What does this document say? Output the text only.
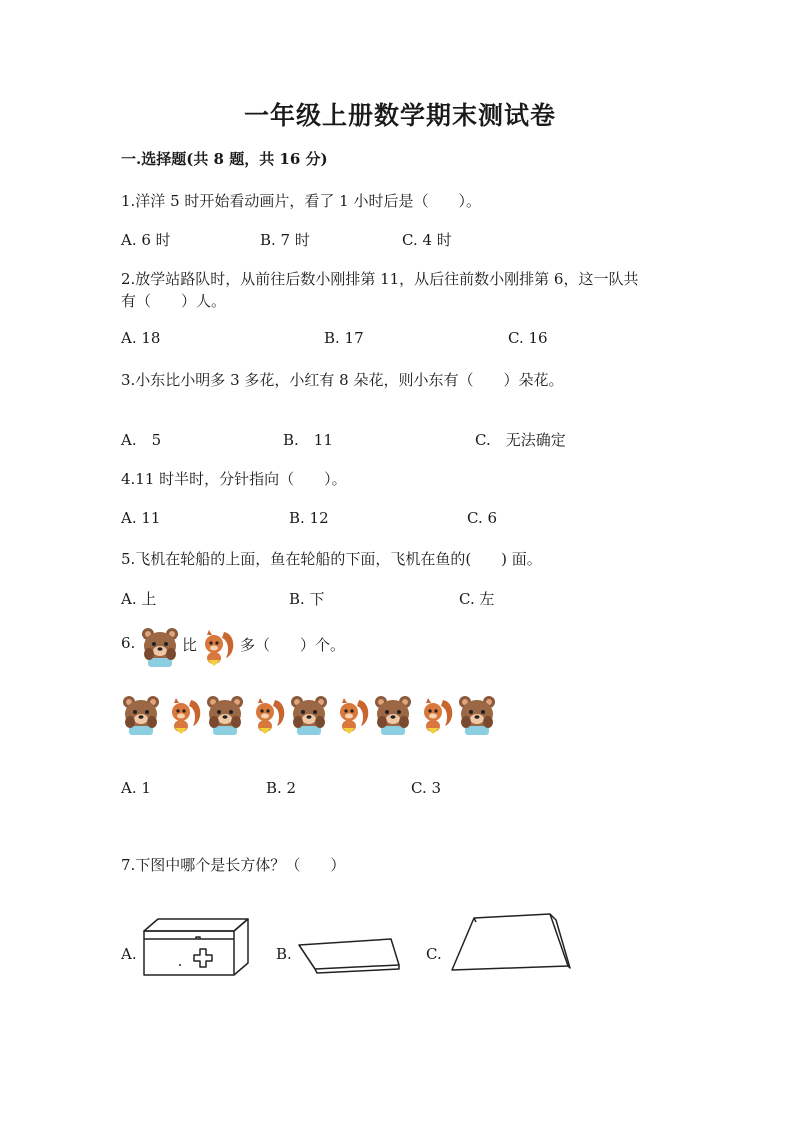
一年级上册数学期末测试卷
一.选择题(共 8 题，共 16 分)
1.洋洋 5 时开始看动画片，看了 1 小时后是（　　）。
A. 6 时	B. 7 时	C. 4 时
2.放学站路队时，从前往后数小刚排第 11，从后往前数小刚排第 6，这一队共
有（　　）人。
A. 18	B. 17	C. 16
3.小东比小明多 3 多花，小红有 8 朵花，则小东有（　　）朵花。
A.　5	B.　11	C.　无法确定
4.11 时半时，分针指向（　　）。
A. 11	B. 12	C. 6
5.飞机在轮船的上面，鱼在轮船的下面，飞机在鱼的(　　) 面。
A. 上	B. 下	C. 左
6.	比	多（　　）个。
A. 1	B. 2	C. 3
7.下图中哪个是长方体？（　　）
A.	B.	C.
